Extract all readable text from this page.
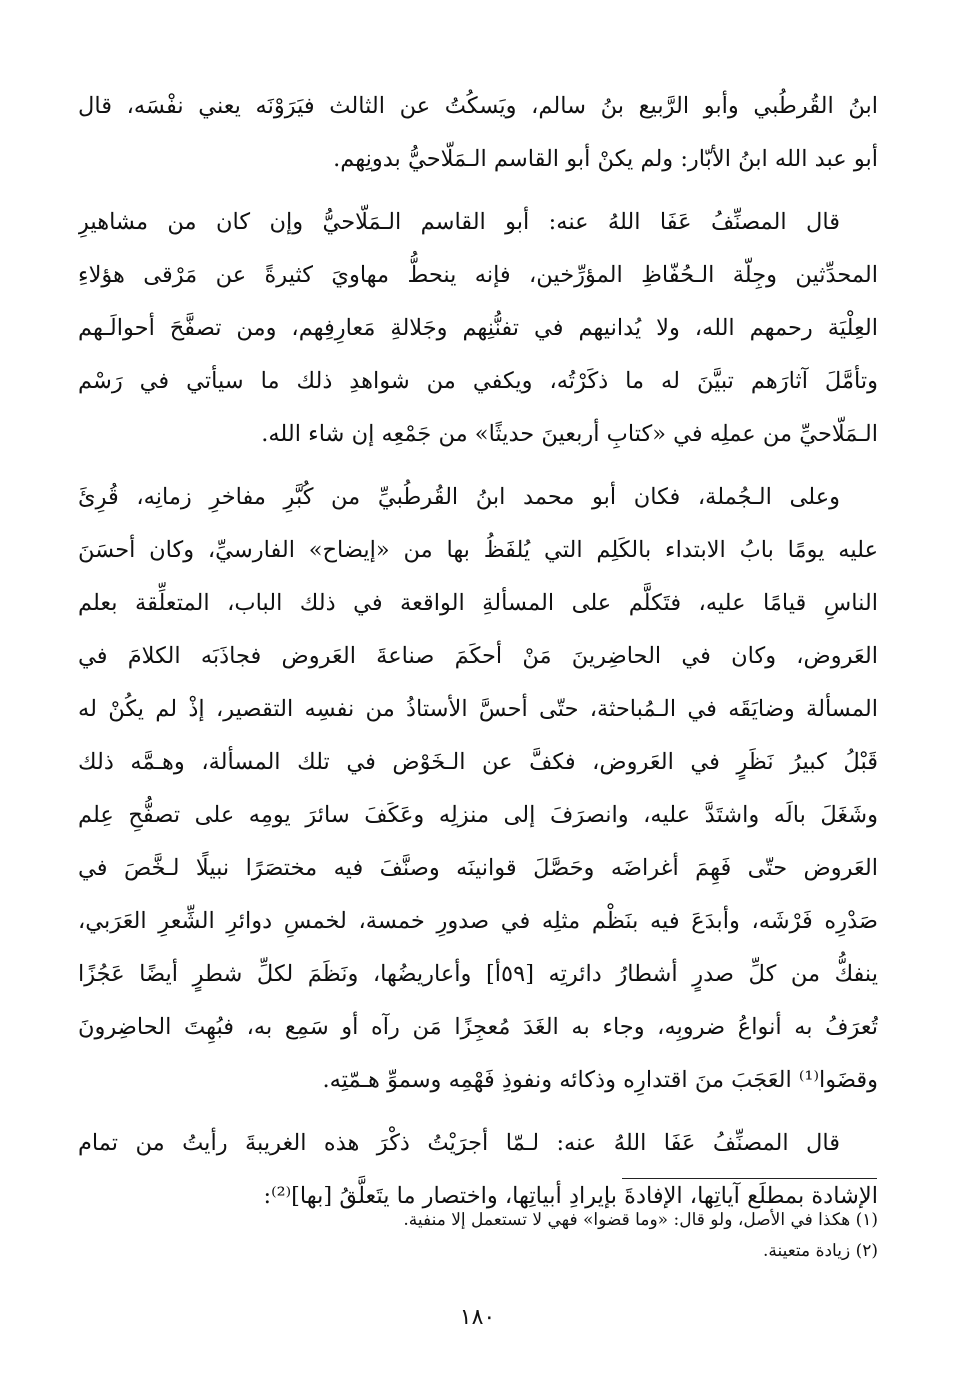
ابنُ القُرطُبي وأبو الرَّبيع بنُ سالم، ويَسكُتُ عن الثالث فيَرَوْنَه يعني نفْسَه، قال
أبو عبد الله ابنُ الأبّار: ولم يكنْ أبو القاسم الـمَلّاحيُّ بدونِهم.
قال المصنِّفُ عَفَا اللهُ عنه: أبو القاسم الـمَلّاحيُّ وإن كان من مشاهيرِ
المحدِّثين وجِلّة الـحُفّاظِ المؤرِّخين، فإنه ينحطُّ مهاويَ كثيرةً عن مَرْقى هؤلاءِ
العِلْيَة رحمهم الله، ولا يُدانيهم في تفنُّنِهم وجَلالةِ مَعارِفِهم، ومن تصفَّحَ أحوالَـهم
وتأمَّلَ آثارَهم تبيَّنَ له ما ذكَرْتُه، ويكفي من شواهدِ ذلك ما سيأتي في رَسْم
الـمَلّاحيِّ من عملِه في «كتابِ أربعينَ حديثًا» من جَمْعِه إن شاء الله.
وعلى الـجُملة، فكان أبو محمد ابنُ القُرطُبيِّ من كُبَّرِ مفاخرِ زمانِه، قُرِئَ
عليه يومًا بابُ الابتداء بالكَلِم التي يُلفَظُ بها من «إيضاح» الفارسيِّ، وكان أحسَنَ
الناسِ قيامًا عليه، فتَكلَّم على المسألةِ الواقعة في ذلك الباب، المتعلِّقة بعلم
العَروض، وكان في الحاضِرينَ مَنْ أحكَمَ صناعةَ العَروض فجاذَبَه الكلامَ في
المسألة وضايَقَه في الـمُباحثة، حتّى أحسَّ الأستاذُ من نفسِه التقصير، إذْ لم يكُنْ له
قَبْلُ كبيرُ نَظَرٍ في العَروض، فكفَّ عن الـخَوْض في تلك المسألة، وهـمَّه ذلك
وشَغَلَ بالَه واشتَدَّ عليه، وانصرَفَ إلى منزلِه وعَكَفَ سائرَ يومِه على تصفُّحِ عِلم
العَروض حتّى فَهِمَ أغراضَه وحَصَّلَ قوانينَه وصنَّفَ فيه مختصَرًا نبيلًا لـخَّصَ في
صَدْرِه فَرْشَه، وأبدَعَ فيه بنَظْم مثلِه في صدورِ خمسة، لخمسِ دوائرِ الشِّعرِ العَرَبي،
ينفكُّ من كلِّ صدرٍ أشطارُ دائرتِه [٥٩أ] وأعاريضُها، ونَظَمَ لكلِّ شطرٍ أيضًا عَجُزًا
تُعرَفُ به أنواعُ ضروبِه، وجاء به الغَدَ مُعجِزًا مَن رآه أو سَمِع به، فبُهِتَ الحاضِرونَ
وقضَوا⁽¹⁾ العَجَبَ منَ اقتدارِه وذكائه ونفوذِ فَهْمِه وسموِّ هـمّتِه.
قال المصنِّفُ عَفَا اللهُ عنه: لـمّا أجرَيْتُ ذكْرَ هذه الغريبةَ رأيتُ من تمام
الإشادة بمطلَع آياتِها، الإفادةَ بإيرادِ أبياتِها، واختصار ما يتَعلَّقُ [بها]⁽²⁾:
(١) هكذا في الأصل، ولو قال: «وما قضوا» فهي لا تستعمل إلا منفية.
(٢) زيادة متعينة.
١٨٠
